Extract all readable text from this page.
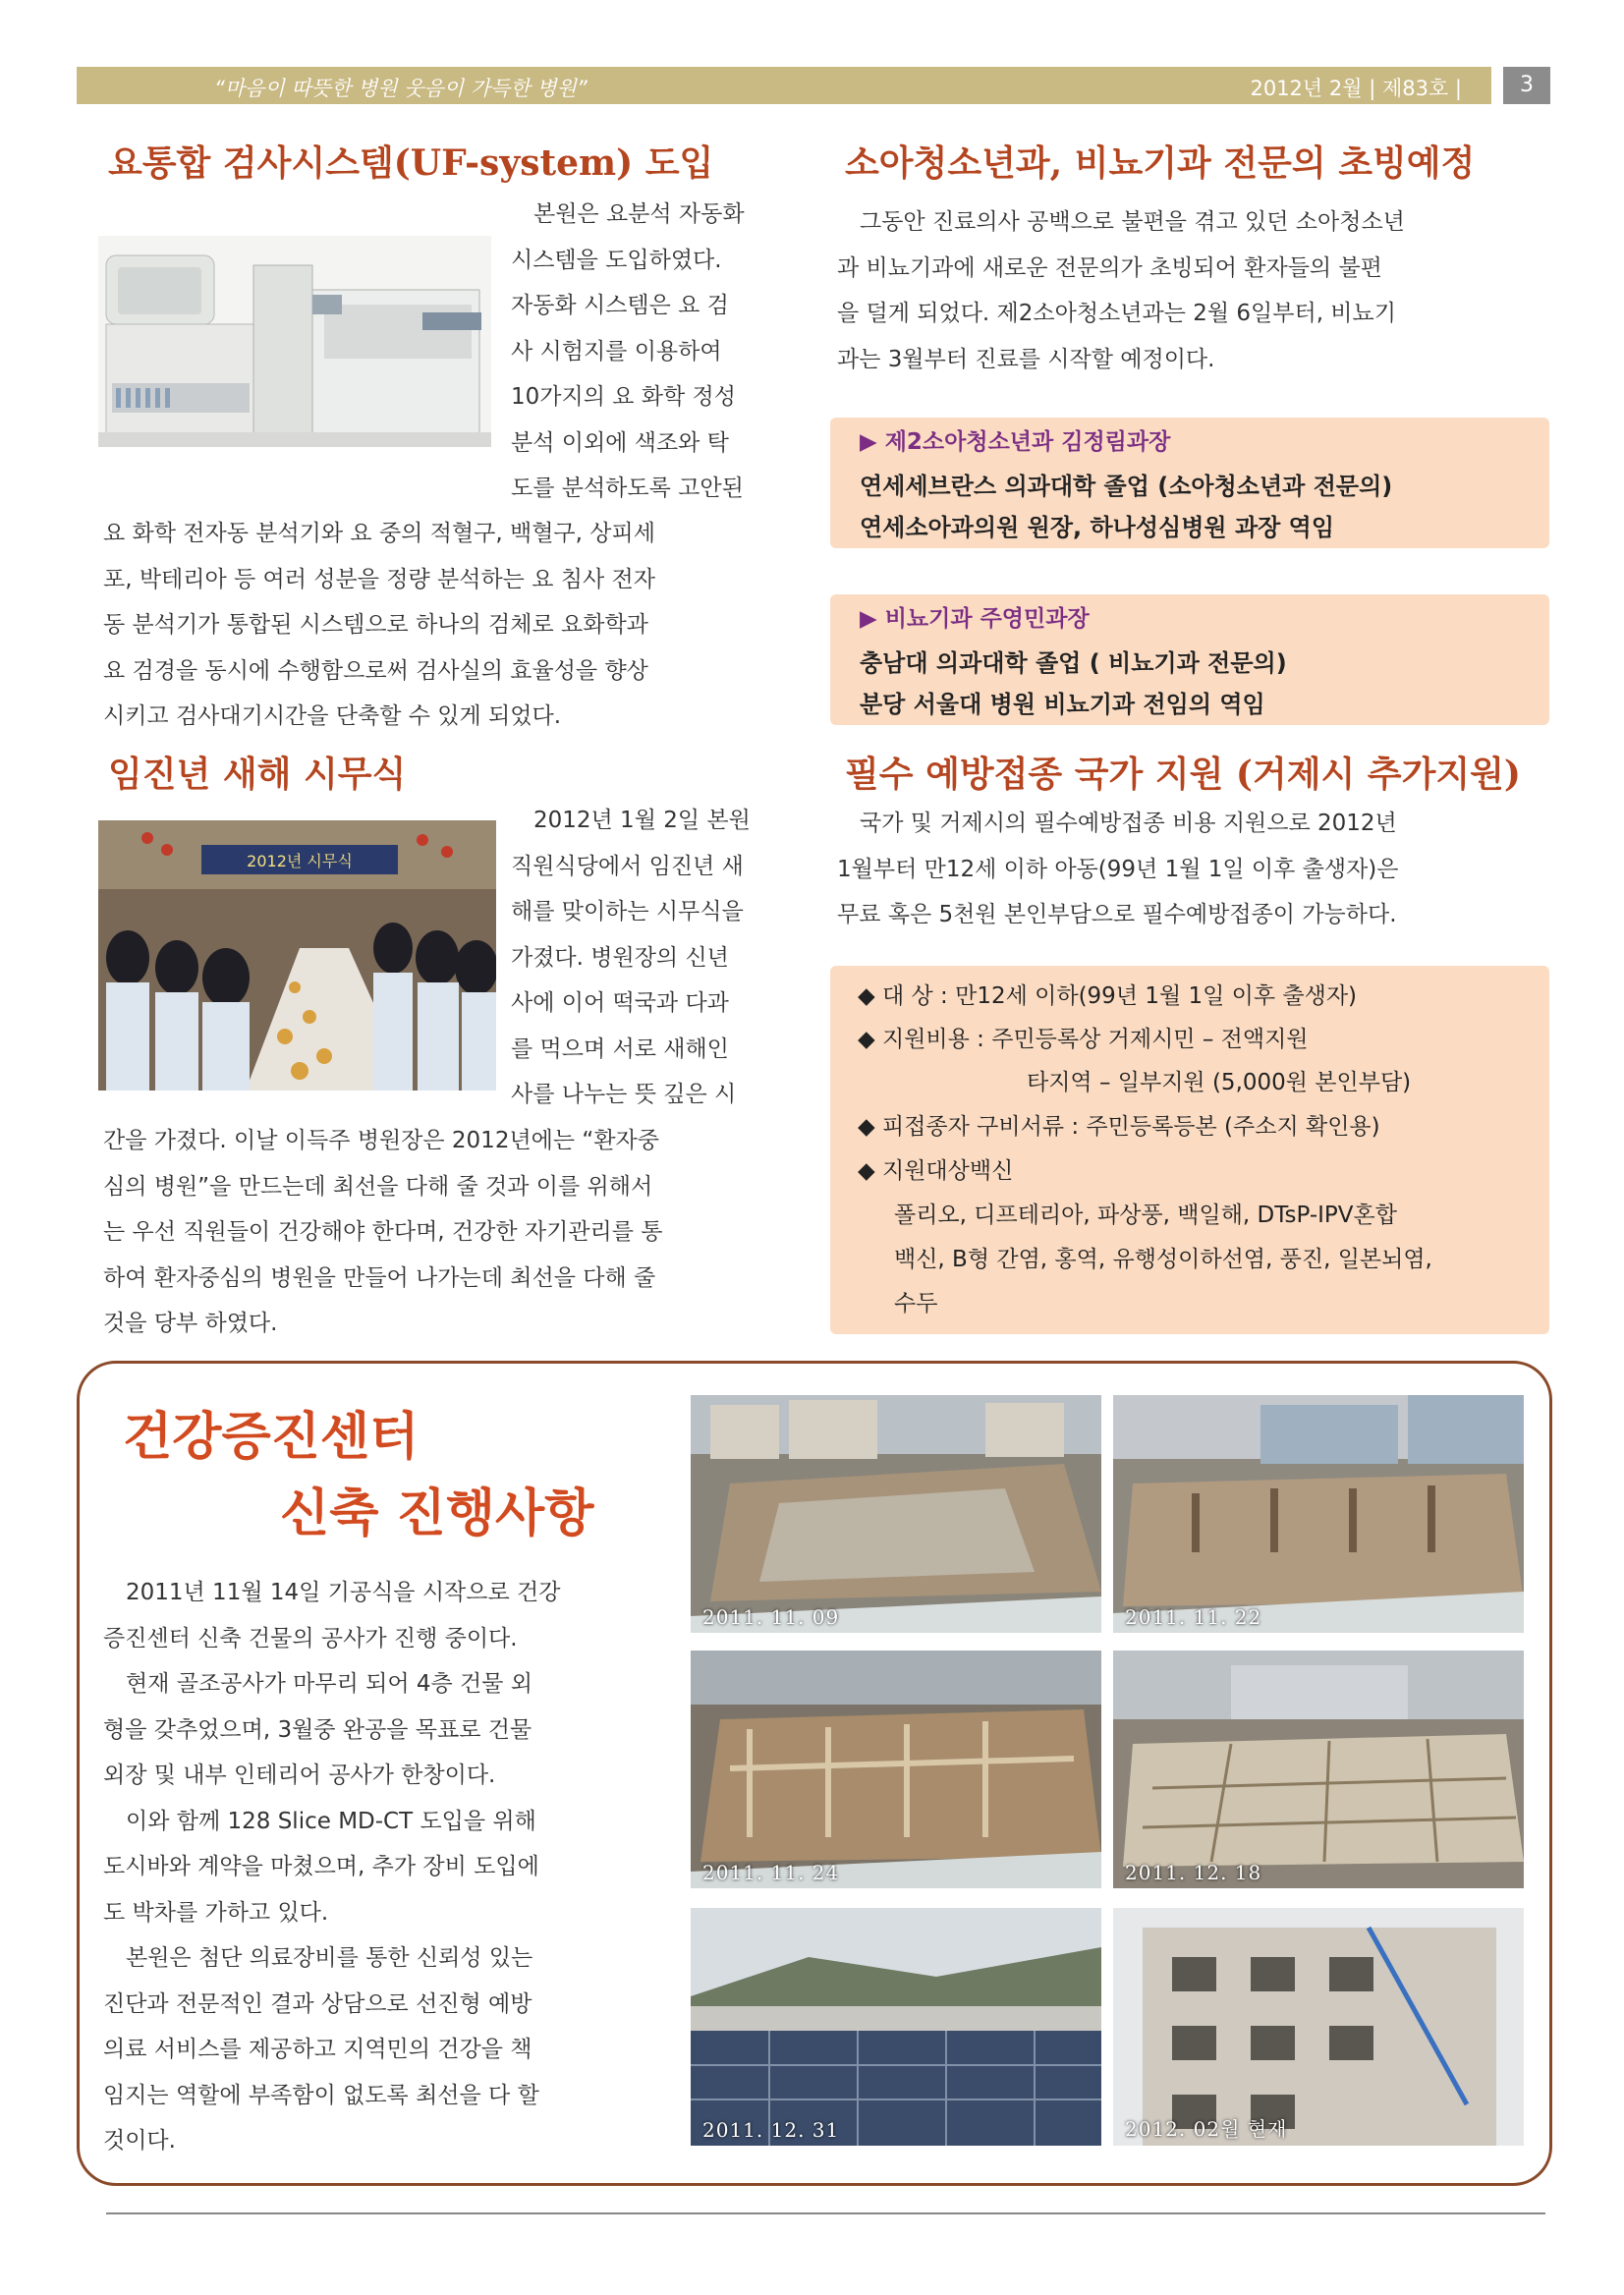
“마음이 따뜻한 병원 웃음이 가득한 병원”	2012년 2월 | 제83호 |	3
요통합 검사시스템(UF-system) 도입

본원은 요분석 자동화

시스템을 도입하였다.

자동화 시스템은 요 검

사 시험지를 이용하여

10가지의 요 화학 정성

분석 이외에 색조와 탁

도를 분석하도록 고안된

요 화학 전자동 분석기와 요 중의 적혈구, 백혈구, 상피세

포, 박테리아 등 여러 성분을 정량 분석하는 요 침사 전자

동 분석기가 통합된 시스템으로 하나의 검체로 요화학과

요 검경을 동시에 수행함으로써 검사실의 효율성을 향상

시키고 검사대기시간을 단축할 수 있게 되었다.

임진년 새해 시무식
2012년 시무식

2012년 1월 2일 본원

직원식당에서 임진년 새

해를 맞이하는 시무식을

가졌다. 병원장의 신년

사에 이어 떡국과 다과

를 먹으며 서로 새해인

사를 나누는 뜻 깊은 시

간을 가졌다. 이날 이득주 병원장은 2012년에는 “환자중

심의 병원”을 만드는데 최선을 다해 줄 것과 이를 위해서

는 우선 직원들이 건강해야 한다며, 건강한 자기관리를 통

하여 환자중심의 병원을 만들어 나가는데 최선을 다해 줄

것을 당부 하였다.

소아청소년과, 비뇨기과 전문의 초빙예정

그동안 진료의사 공백으로 불편을 겪고 있던 소아청소년

과 비뇨기과에 새로운 전문의가 초빙되어 환자들의 불편

을 덜게 되었다. 제2소아청소년과는 2월 6일부터, 비뇨기

과는 3월부터 진료를 시작할 예정이다.

▶ 제2소아청소년과 김정림과장
연세세브란스 의과대학 졸업 (소아청소년과 전문의)
연세소아과의원 원장, 하나성심병원 과장 역임
▶ 비뇨기과 주영민과장
충남대 의과대학 졸업 ( 비뇨기과 전문의)
분당 서울대 병원 비뇨기과 전임의 역임
필수 예방접종 국가 지원 (거제시 추가지원)

국가 및 거제시의 필수예방접종 비용 지원으로 2012년

1월부터 만12세 이하 아동(99년 1월 1일 이후 출생자)은

무료 혹은 5천원 본인부담으로 필수예방접종이 가능하다.

◆ 대 상 : 만12세 이하(99년 1월 1일 이후 출생자)
◆ 지원비용 : 주민등록상 거제시민 – 전액지원
타지역 – 일부지원 (5,000원 본인부담)
◆ 피접종자 구비서류 : 주민등록등본 (주소지 확인용)
◆ 지원대상백신
폴리오, 디프테리아, 파상풍, 백일해, DTsP-IPV혼합
백신, B형 간염, 홍역, 유행성이하선염, 풍진, 일본뇌염,
수두
건강증진센터
신축 진행사항

2011년 11월 14일 기공식을 시작으로 건강

증진센터 신축 건물의 공사가 진행 중이다.

현재 골조공사가 마무리 되어 4층 건물 외

형을 갖추었으며, 3월중 완공을 목표로 건물

외장 및 내부 인테리어 공사가 한창이다.

이와 함께 128 Slice MD-CT 도입을 위해

도시바와 계약을 마쳤으며, 추가 장비 도입에

도 박차를 가하고 있다.

본원은 첨단 의료장비를 통한 신뢰성 있는

진단과 전문적인 결과 상담으로 선진형 예방

의료 서비스를 제공하고 지역민의 건강을 책

임지는 역할에 부족함이 없도록 최선을 다 할

것이다.

2011. 11. 09	2011. 11. 22
2011. 11. 24	2011. 12. 18
2011. 12. 31	2012. 02월 현재
